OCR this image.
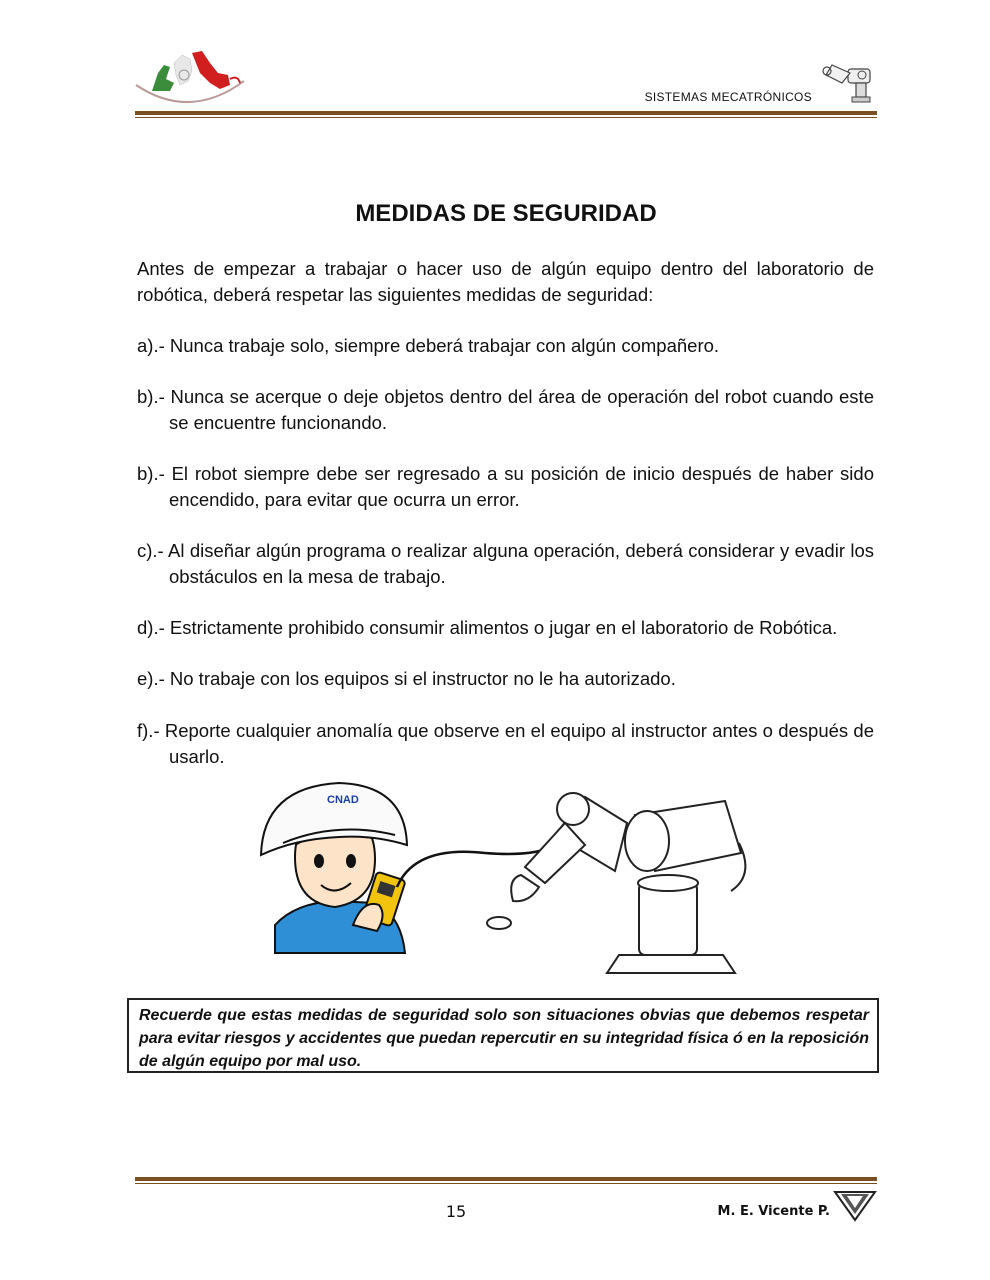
SISTEMAS MECATRÓNICOS
MEDIDAS DE SEGURIDAD
Antes de empezar a trabajar o hacer uso de algún equipo dentro del laboratorio de robótica, deberá respetar las siguientes medidas de seguridad:
a).- Nunca trabaje solo, siempre deberá trabajar con algún compañero.
b).- Nunca se acerque o deje objetos dentro del área de operación del robot cuando este se encuentre funcionando.
b).- El robot siempre debe ser regresado a su posición de inicio después de haber sido encendido, para evitar que ocurra un error.
c).- Al diseñar algún programa o realizar alguna operación, deberá considerar y evadir los obstáculos en la mesa de trabajo.
d).- Estrictamente prohibido consumir alimentos o jugar en el laboratorio de Robótica.
e).- No trabaje con los equipos si el instructor no le ha autorizado.
f).- Reporte cualquier anomalía que observe en el equipo al instructor antes o después de usarlo.
CNAD
Recuerde que estas medidas de seguridad solo son situaciones obvias que debemos respetar para evitar riesgos y accidentes que puedan repercutir en su integridad física ó en la reposición de algún equipo por mal uso.
15	M. E. Vicente P.
